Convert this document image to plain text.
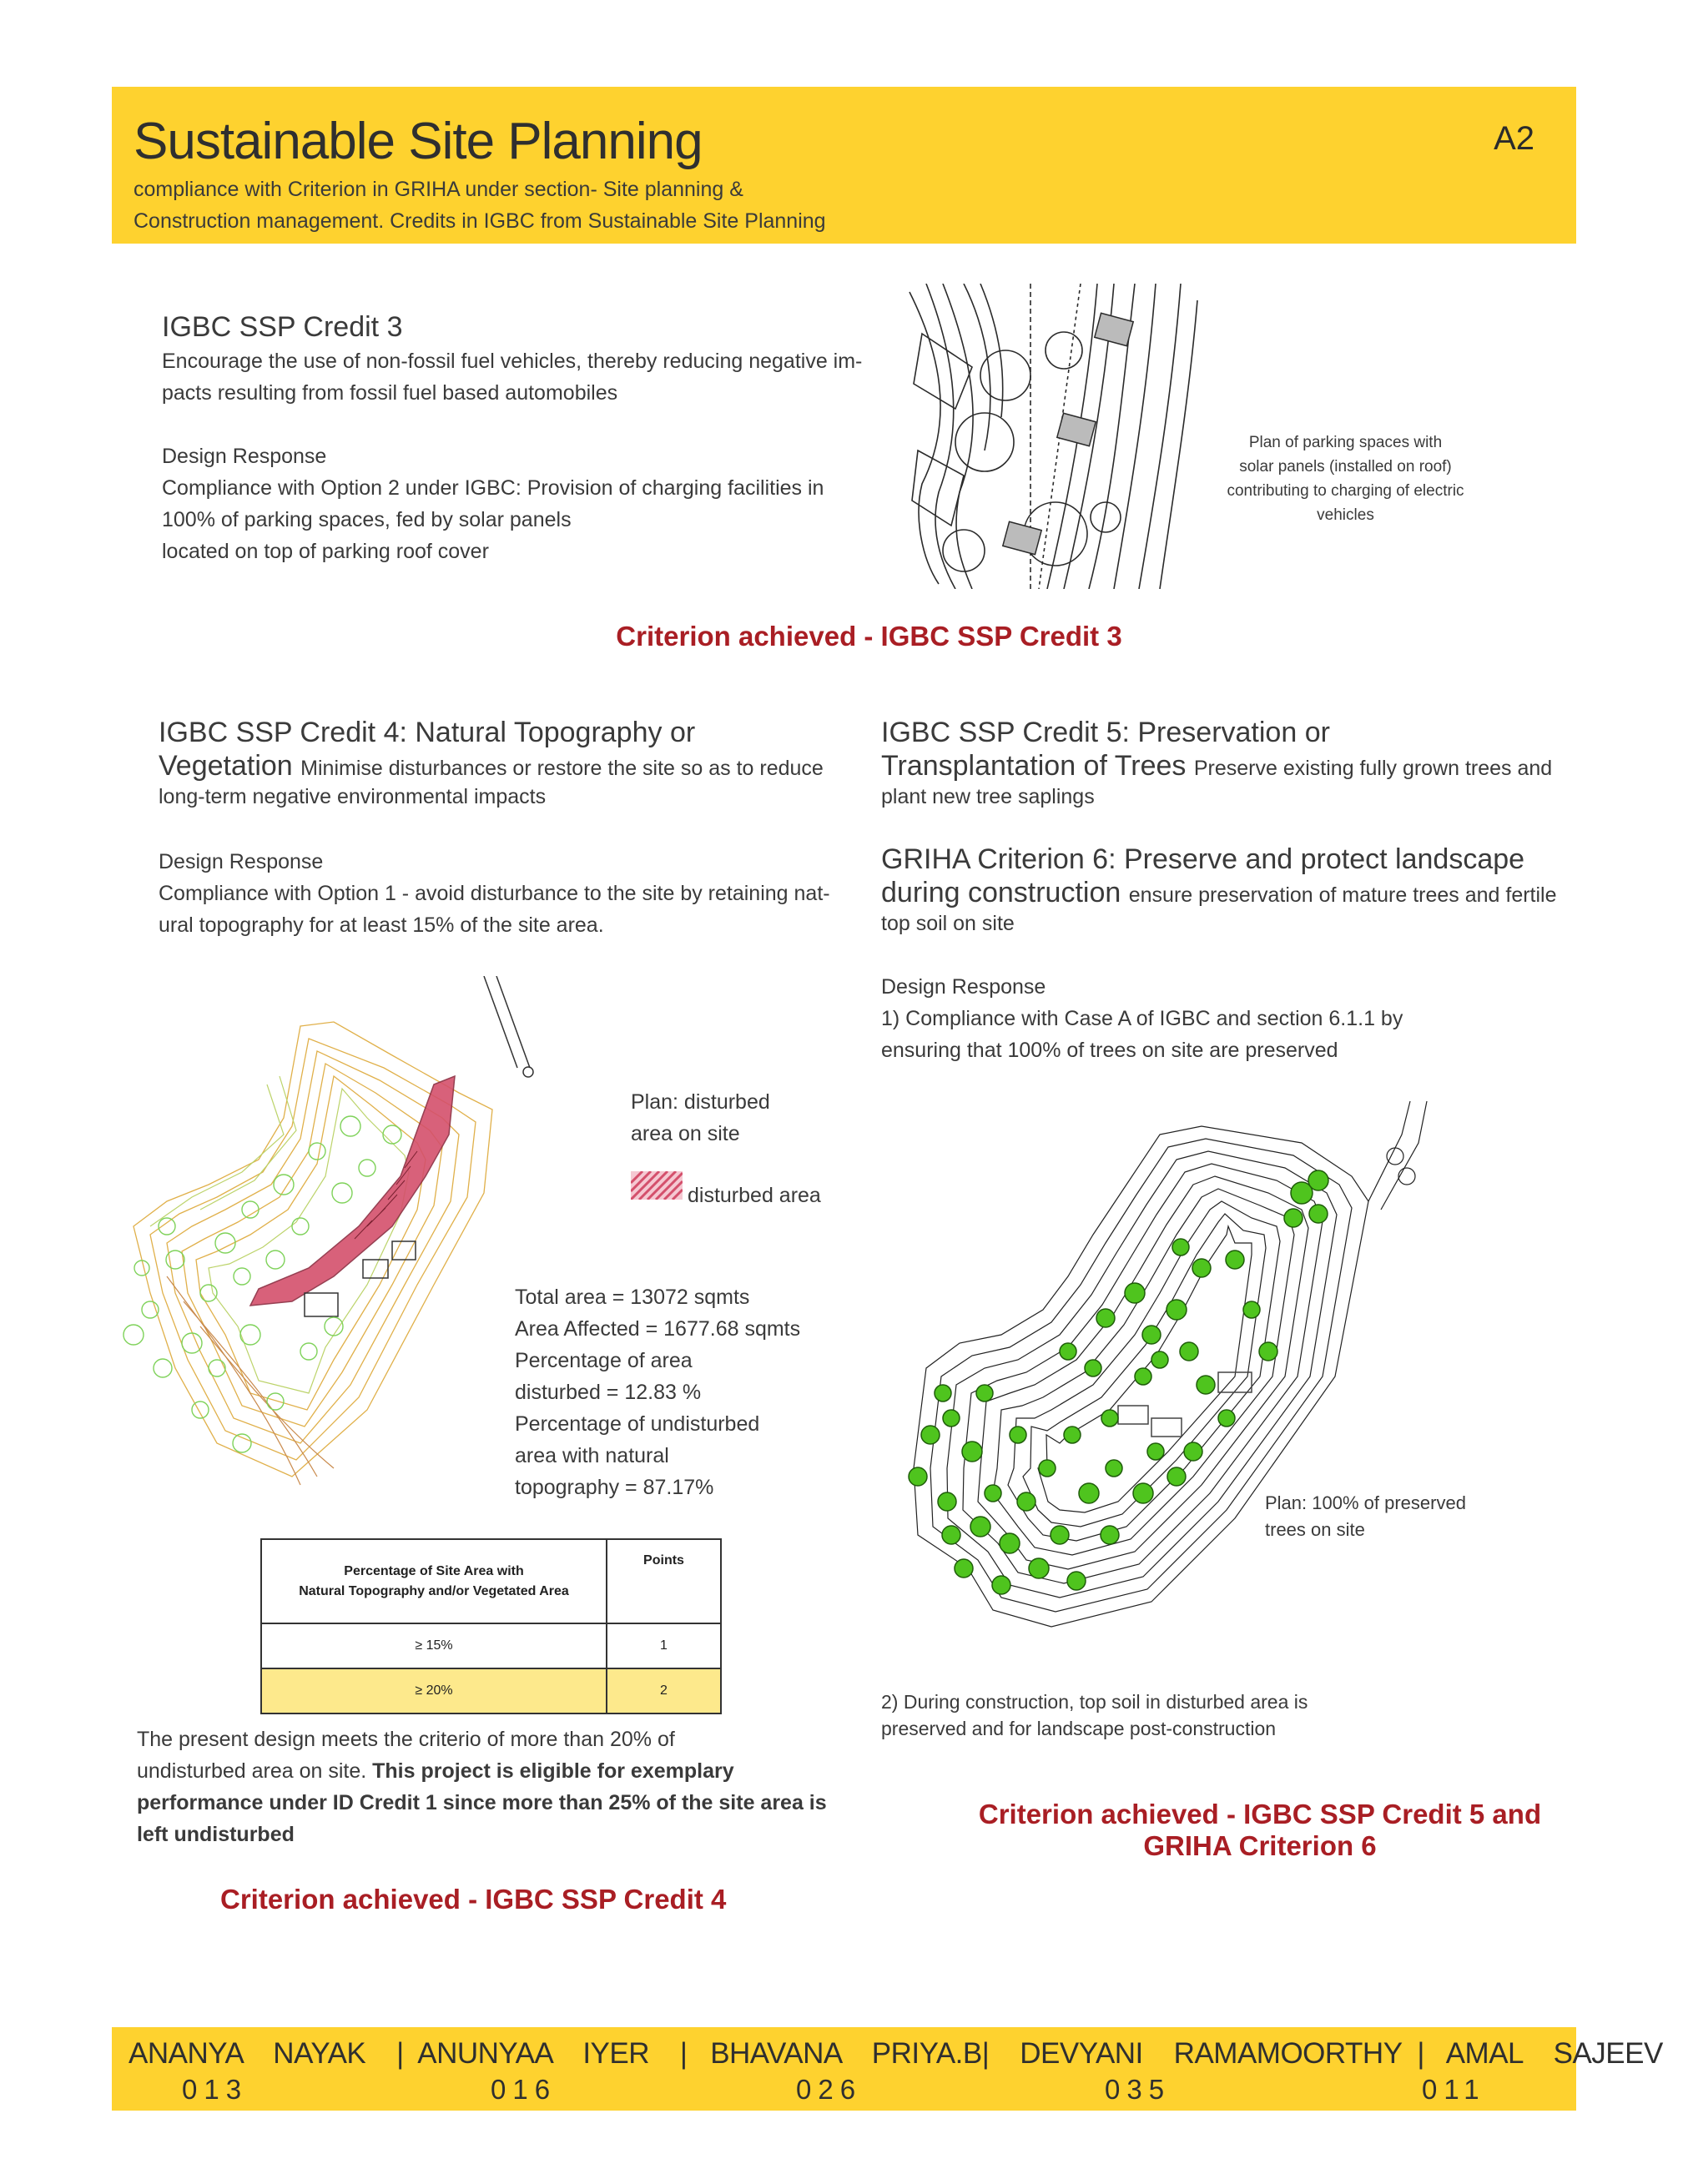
Sustainable Site Planning	A2
compliance with Criterion in GRIHA under section- Site planning &
Construction management. Credits in IGBC from Sustainable Site Planning
IGBC SSP Credit 3
Encourage the use of non-fossil fuel vehicles, thereby reducing negative im-
pacts resulting from fossil fuel based automobiles
Design Response
Compliance with Option 2 under IGBC: Provision of charging facilities in
100% of parking spaces, fed by solar panels
located on top of parking roof cover
Plan of parking spaces with
solar panels (installed on roof)
contributing to charging of electric
vehicles
Criterion achieved - IGBC SSP Credit 3
IGBC SSP Credit 4: Natural Topography or
Vegetation Minimise disturbances or restore the site so as to reduce
long-term negative environmental impacts
Design Response
Compliance with Option 1 - avoid disturbance to the site by retaining nat-
ural topography for at least 15% of the site area.
Plan: disturbed
area on site
disturbed area
Total area = 13072 sqmts
Area Affected = 1677.68 sqmts
Percentage of area
disturbed = 12.83 %
Percentage of undisturbed
area with natural
topography = 87.17%
Percentage of Site Area with
Natural Topography and/or Vegetated Area	Points
≥ 15%	1
≥ 20%	2
The present design meets the criterio of more than 20% of
undisturbed area on site. This project is eligible for exemplary
performance under ID Credit 1 since more than 25% of the site area is
left undisturbed
Criterion achieved - IGBC SSP Credit 4
IGBC SSP Credit 5: Preservation or
Transplantation of Trees Preserve existing fully grown trees and
plant new tree saplings
GRIHA Criterion 6: Preserve and protect landscape
during construction ensure preservation of mature trees and fertile
top soil on site
Design Response
1) Compliance with Case A of IGBC and section 6.1.1 by
ensuring that 100% of trees on site are preserved
Plan: 100% of preserved
trees on site
2) During construction, top soil in disturbed area is
preserved and for landscape post-construction
Criterion achieved - IGBC SSP Credit 5 and
GRIHA Criterion 6
ANANYA    NAYAK    |  ANUNYAA    IYER    |   BHAVANA    PRIYA.B|    DEVYANI    RAMAMOORTHY  |   AMAL    SAJEEV
013	016	026	035	011
